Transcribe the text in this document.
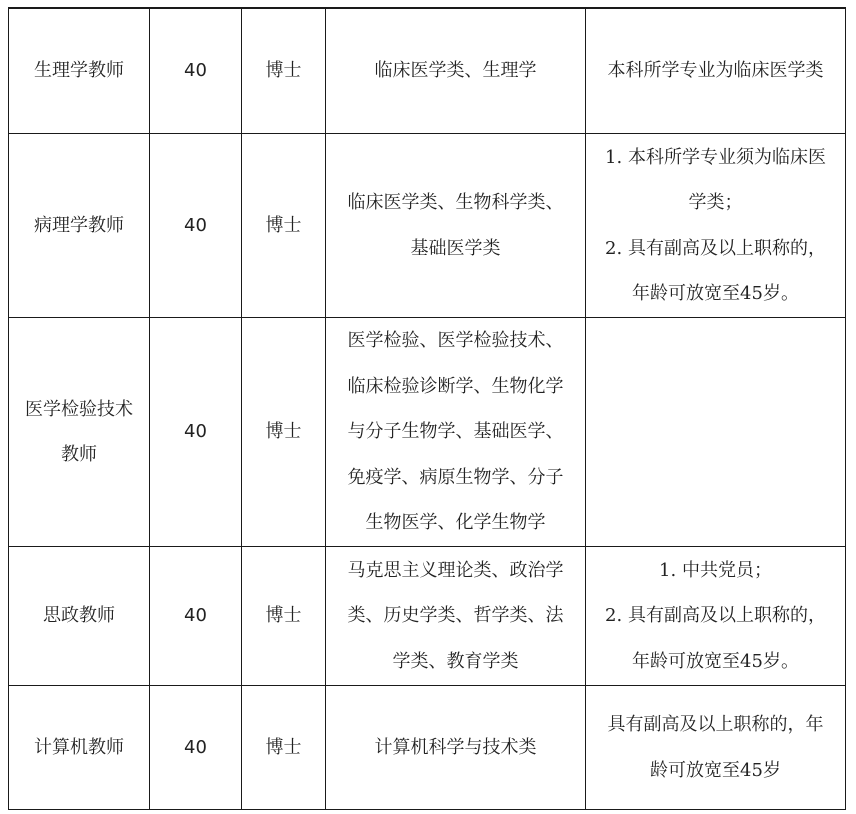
生理学教师	40	博士	临床医学类、生理学	本科所学专业为临床医学类

病理学教师	40	博士	临床医学类、生物科学类、
基础医学类	1. 本科所学专业须为临床医
学类；
2. 具有副高及以上职称的，
年龄可放宽至45岁。

医学检验技术
教师	40	博士	医学检验、医学检验技术、
临床检验诊断学、生物化学
与分子生物学、基础医学、
免疫学、病原生物学、分子
生物医学、化学生物学	

思政教师	40	博士	马克思主义理论类、政治学
类、历史学类、哲学类、法
学类、教育学类	1. 中共党员；
2. 具有副高及以上职称的，
年龄可放宽至45岁。

计算机教师	40	博士	计算机科学与技术类	具有副高及以上职称的，年
龄可放宽至45岁
